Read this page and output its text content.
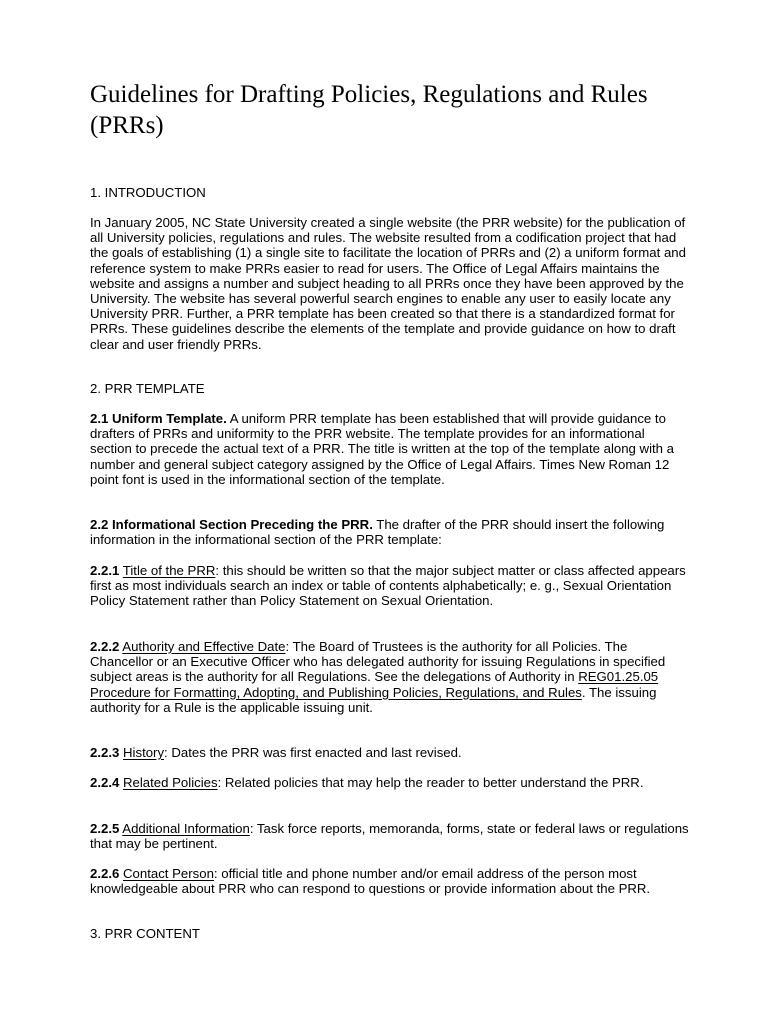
Guidelines for Drafting Policies, Regulations and Rules (PRRs)

1. INTRODUCTION

In January 2005, NC State University created a single website (the PRR website) for the publication of all University policies, regulations and rules. The website resulted from a codification project that had the goals of establishing (1) a single site to facilitate the location of PRRs and (2) a uniform format and reference system to make PRRs easier to read for users. The Office of Legal Affairs maintains the website and assigns a number and subject heading to all PRRs once they have been approved by the University. The website has several powerful search engines to enable any user to easily locate any University PRR. Further, a PRR template has been created so that there is a standardized format for PRRs. These guidelines describe the elements of the template and provide guidance on how to draft clear and user friendly PRRs.

2. PRR TEMPLATE

2.1 Uniform Template. A uniform PRR template has been established that will provide guidance to drafters of PRRs and uniformity to the PRR website. The template provides for an informational section to precede the actual text of a PRR. The title is written at the top of the template along with a number and general subject category assigned by the Office of Legal Affairs. Times New Roman 12 point font is used in the informational section of the template.

2.2 Informational Section Preceding the PRR. The drafter of the PRR should insert the following information in the informational section of the PRR template:

2.2.1 Title of the PRR: this should be written so that the major subject matter or class affected appears first as most individuals search an index or table of contents alphabetically; e. g., Sexual Orientation Policy Statement rather than Policy Statement on Sexual Orientation.

2.2.2 Authority and Effective Date: The Board of Trustees is the authority for all Policies. The Chancellor or an Executive Officer who has delegated authority for issuing Regulations in specified subject areas is the authority for all Regulations. See the delegations of Authority in REG01.25.05 Procedure for Formatting, Adopting, and Publishing Policies, Regulations, and Rules. The issuing authority for a Rule is the applicable issuing unit.

2.2.3 History: Dates the PRR was first enacted and last revised.

2.2.4 Related Policies: Related policies that may help the reader to better understand the PRR.

2.2.5 Additional Information: Task force reports, memoranda, forms, state or federal laws or regulations that may be pertinent.

2.2.6 Contact Person: official title and phone number and/or email address of the person most knowledgeable about PRR who can respond to questions or provide information about the PRR.

3. PRR CONTENT
